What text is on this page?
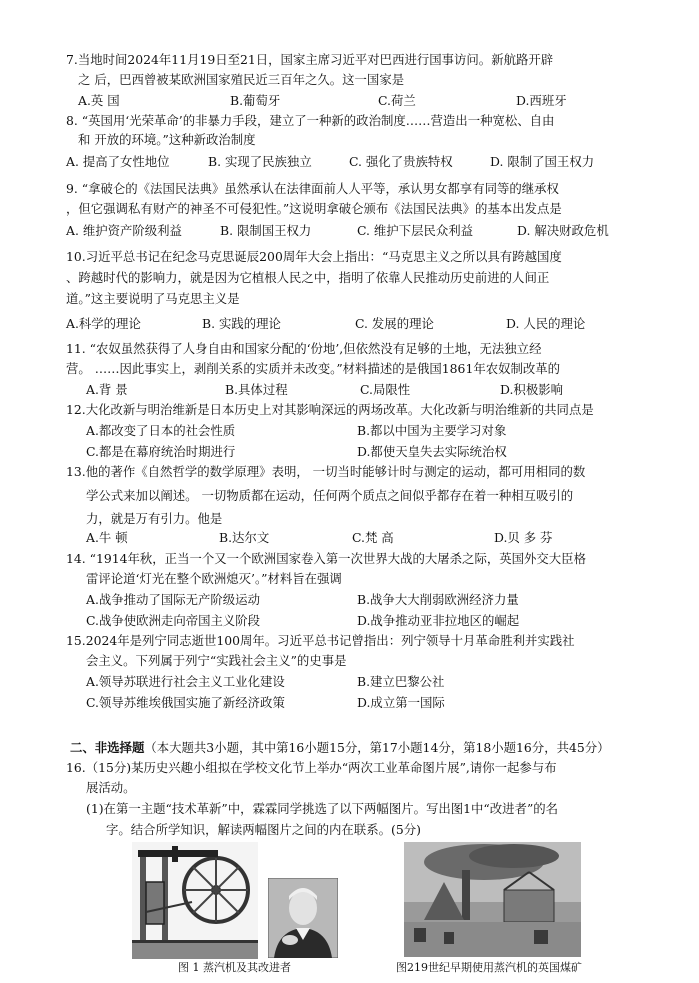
7.当地时间2024年11月19日至21日，国家主席习近平对巴西进行国事访问。新航路开辟
之 后，巴西曾被某欧洲国家殖民近三百年之久。这一国家是
A.英 国	B.葡萄牙	C.荷兰	D.西班牙
8. “英国用‘光荣革命’的非暴力手段，建立了一种新的政治制度……营造出一种宽松、自由
和 开放的环境。”这种新政治制度
A. 提高了女性地位	B. 实现了民族独立	C. 强化了贵族特权	D. 限制了国王权力
9. “拿破仑的《法国民法典》虽然承认在法律面前人人平等，承认男女都享有同等的继承权
，但它强调私有财产的神圣不可侵犯性。”这说明拿破仑颁布《法国民法典》的基本出发点是
A. 维护资产阶级利益	B. 限制国王权力	C. 维护下层民众利益	D. 解决财政危机
10.习近平总书记在纪念马克思诞辰200周年大会上指出：“马克思主义之所以具有跨越国度
、跨越时代的影响力，就是因为它植根人民之中，指明了依靠人民推动历史前进的人间正
道。”这主要说明了马克思主义是
A.科学的理论	B. 实践的理论	C. 发展的理论	D. 人民的理论
11. “农奴虽然获得了人身自由和国家分配的‘份地’,但依然没有足够的土地，无法独立经
营。 ……因此事实上，剥削关系的实质并未改变。”材料描述的是俄国1861年农奴制改革的
A.背 景	B.具体过程	C.局限性	D.积极影响
12.大化改新与明治维新是日本历史上对其影响深远的两场改革。大化改新与明治维新的共同点是
A.都改变了日本的社会性质	B.都以中国为主要学习对象
C.都是在幕府统治时期进行	D.都使天皇失去实际统治权
13.他的著作《自然哲学的数学原理》表明， 一切当时能够计时与测定的运动，都可用相同的数
学公式来加以阐述。 一切物质都在运动，任何两个质点之间似乎都存在着一种相互吸引的
力，就是万有引力。他是
A.牛 顿	B.达尔文	C.梵 高	D.贝 多 芬
14. “1914年秋，正当一个又一个欧洲国家卷入第一次世界大战的大屠杀之际，英国外交大臣格
雷评论道‘灯光在整个欧洲熄灭’。”材料旨在强调
A.战争推动了国际无产阶级运动	B.战争大大削弱欧洲经济力量
C.战争使欧洲走向帝国主义阶段	D.战争推动亚非拉地区的崛起
15.2024年是列宁同志逝世100周年。习近平总书记曾指出：列宁领导十月革命胜利并实践社
会主义。下列属于列宁“实践社会主义”的史事是
A.领导苏联进行社会主义工业化建设	B.建立巴黎公社
C.领导苏维埃俄国实施了新经济政策	D.成立第一国际
二、非选择题（本大题共3小题，其中第16小题15分，第17小题14分，第18小题16分，共45分）
16.（15分)某历史兴趣小组拟在学校文化节上举办“两次工业革命图片展”,请你一起参与布
展活动。
(1)在第一主题“技术革新”中，霖霖同学挑选了以下两幅图片。写出图1中“改进者”的名
字。结合所学知识，解读两幅图片之间的内在联系。(5分)
图 1 蒸汽机及其改进者	图219世纪早期使用蒸汽机的英国煤矿
